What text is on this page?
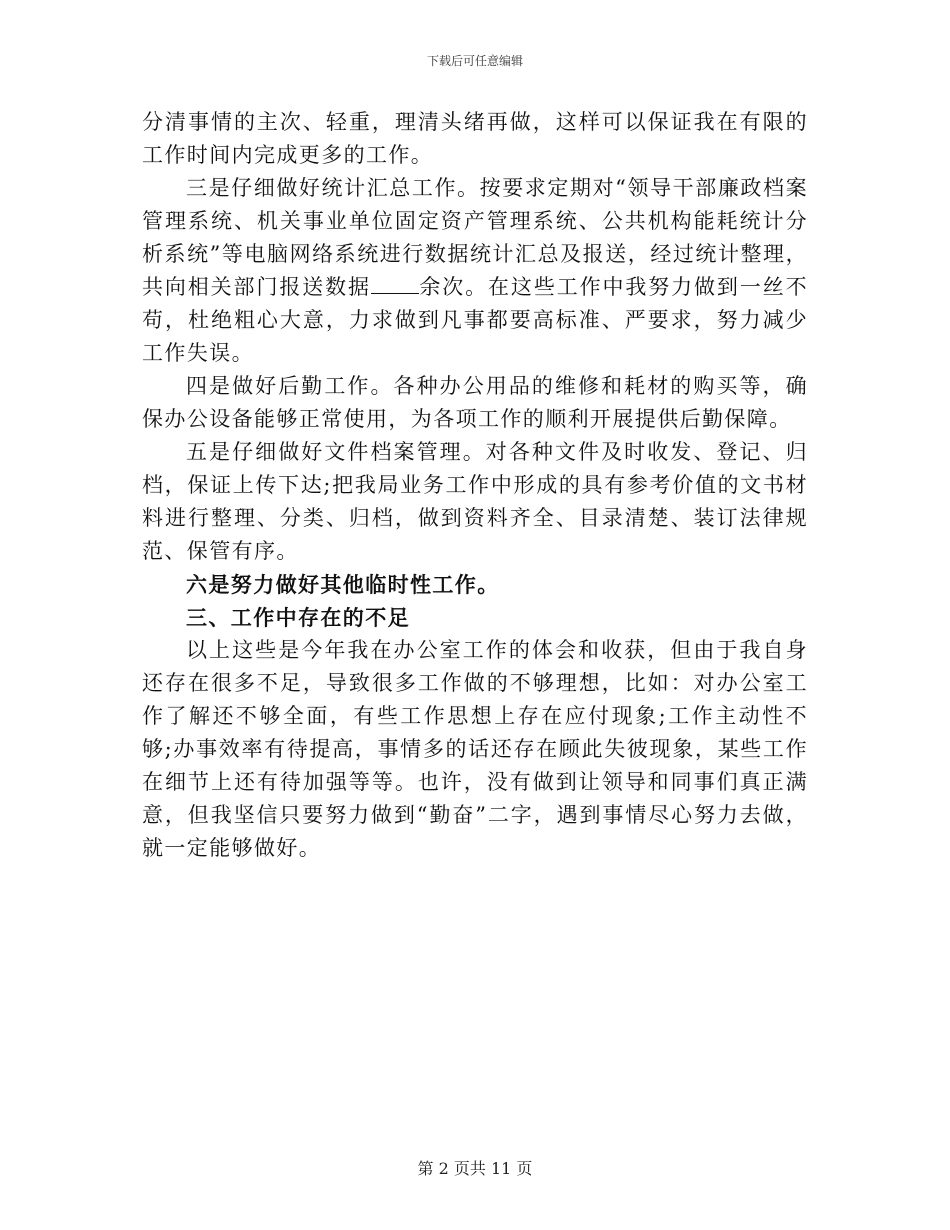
下载后可任意编辑

分清事情的主次、轻重，理清头绪再做，这样可以保证我在有限的工作时间内完成更多的工作。

三是仔细做好统计汇总工作。按要求定期对“领导干部廉政档案管理系统、机关事业单位固定资产管理系统、公共机构能耗统计分析系统”等电脑网络系统进行数据统计汇总及报送，经过统计整理，共向相关部门报送数据 余次。在这些工作中我努力做到一丝不苟，杜绝粗心大意，力求做到凡事都要高标准、严要求，努力减少工作失误。

四是做好后勤工作。各种办公用品的维修和耗材的购买等，确保办公设备能够正常使用，为各项工作的顺利开展提供后勤保障。

五是仔细做好文件档案管理。对各种文件及时收发、登记、归档，保证上传下达;把我局业务工作中形成的具有参考价值的文书材料进行整理、分类、归档，做到资料齐全、目录清楚、装订法律规范、保管有序。

六是努力做好其他临时性工作。

三、工作中存在的不足

以上这些是今年我在办公室工作的体会和收获，但由于我自身还存在很多不足，导致很多工作做的不够理想，比如：对办公室工作了解还不够全面，有些工作思想上存在应付现象;工作主动性不够;办事效率有待提高，事情多的话还存在顾此失彼现象，某些工作在细节上还有待加强等等。也许，没有做到让领导和同事们真正满意，但我坚信只要努力做到“勤奋”二字，遇到事情尽心努力去做，就一定能够做好。

第 2 页共 11 页
